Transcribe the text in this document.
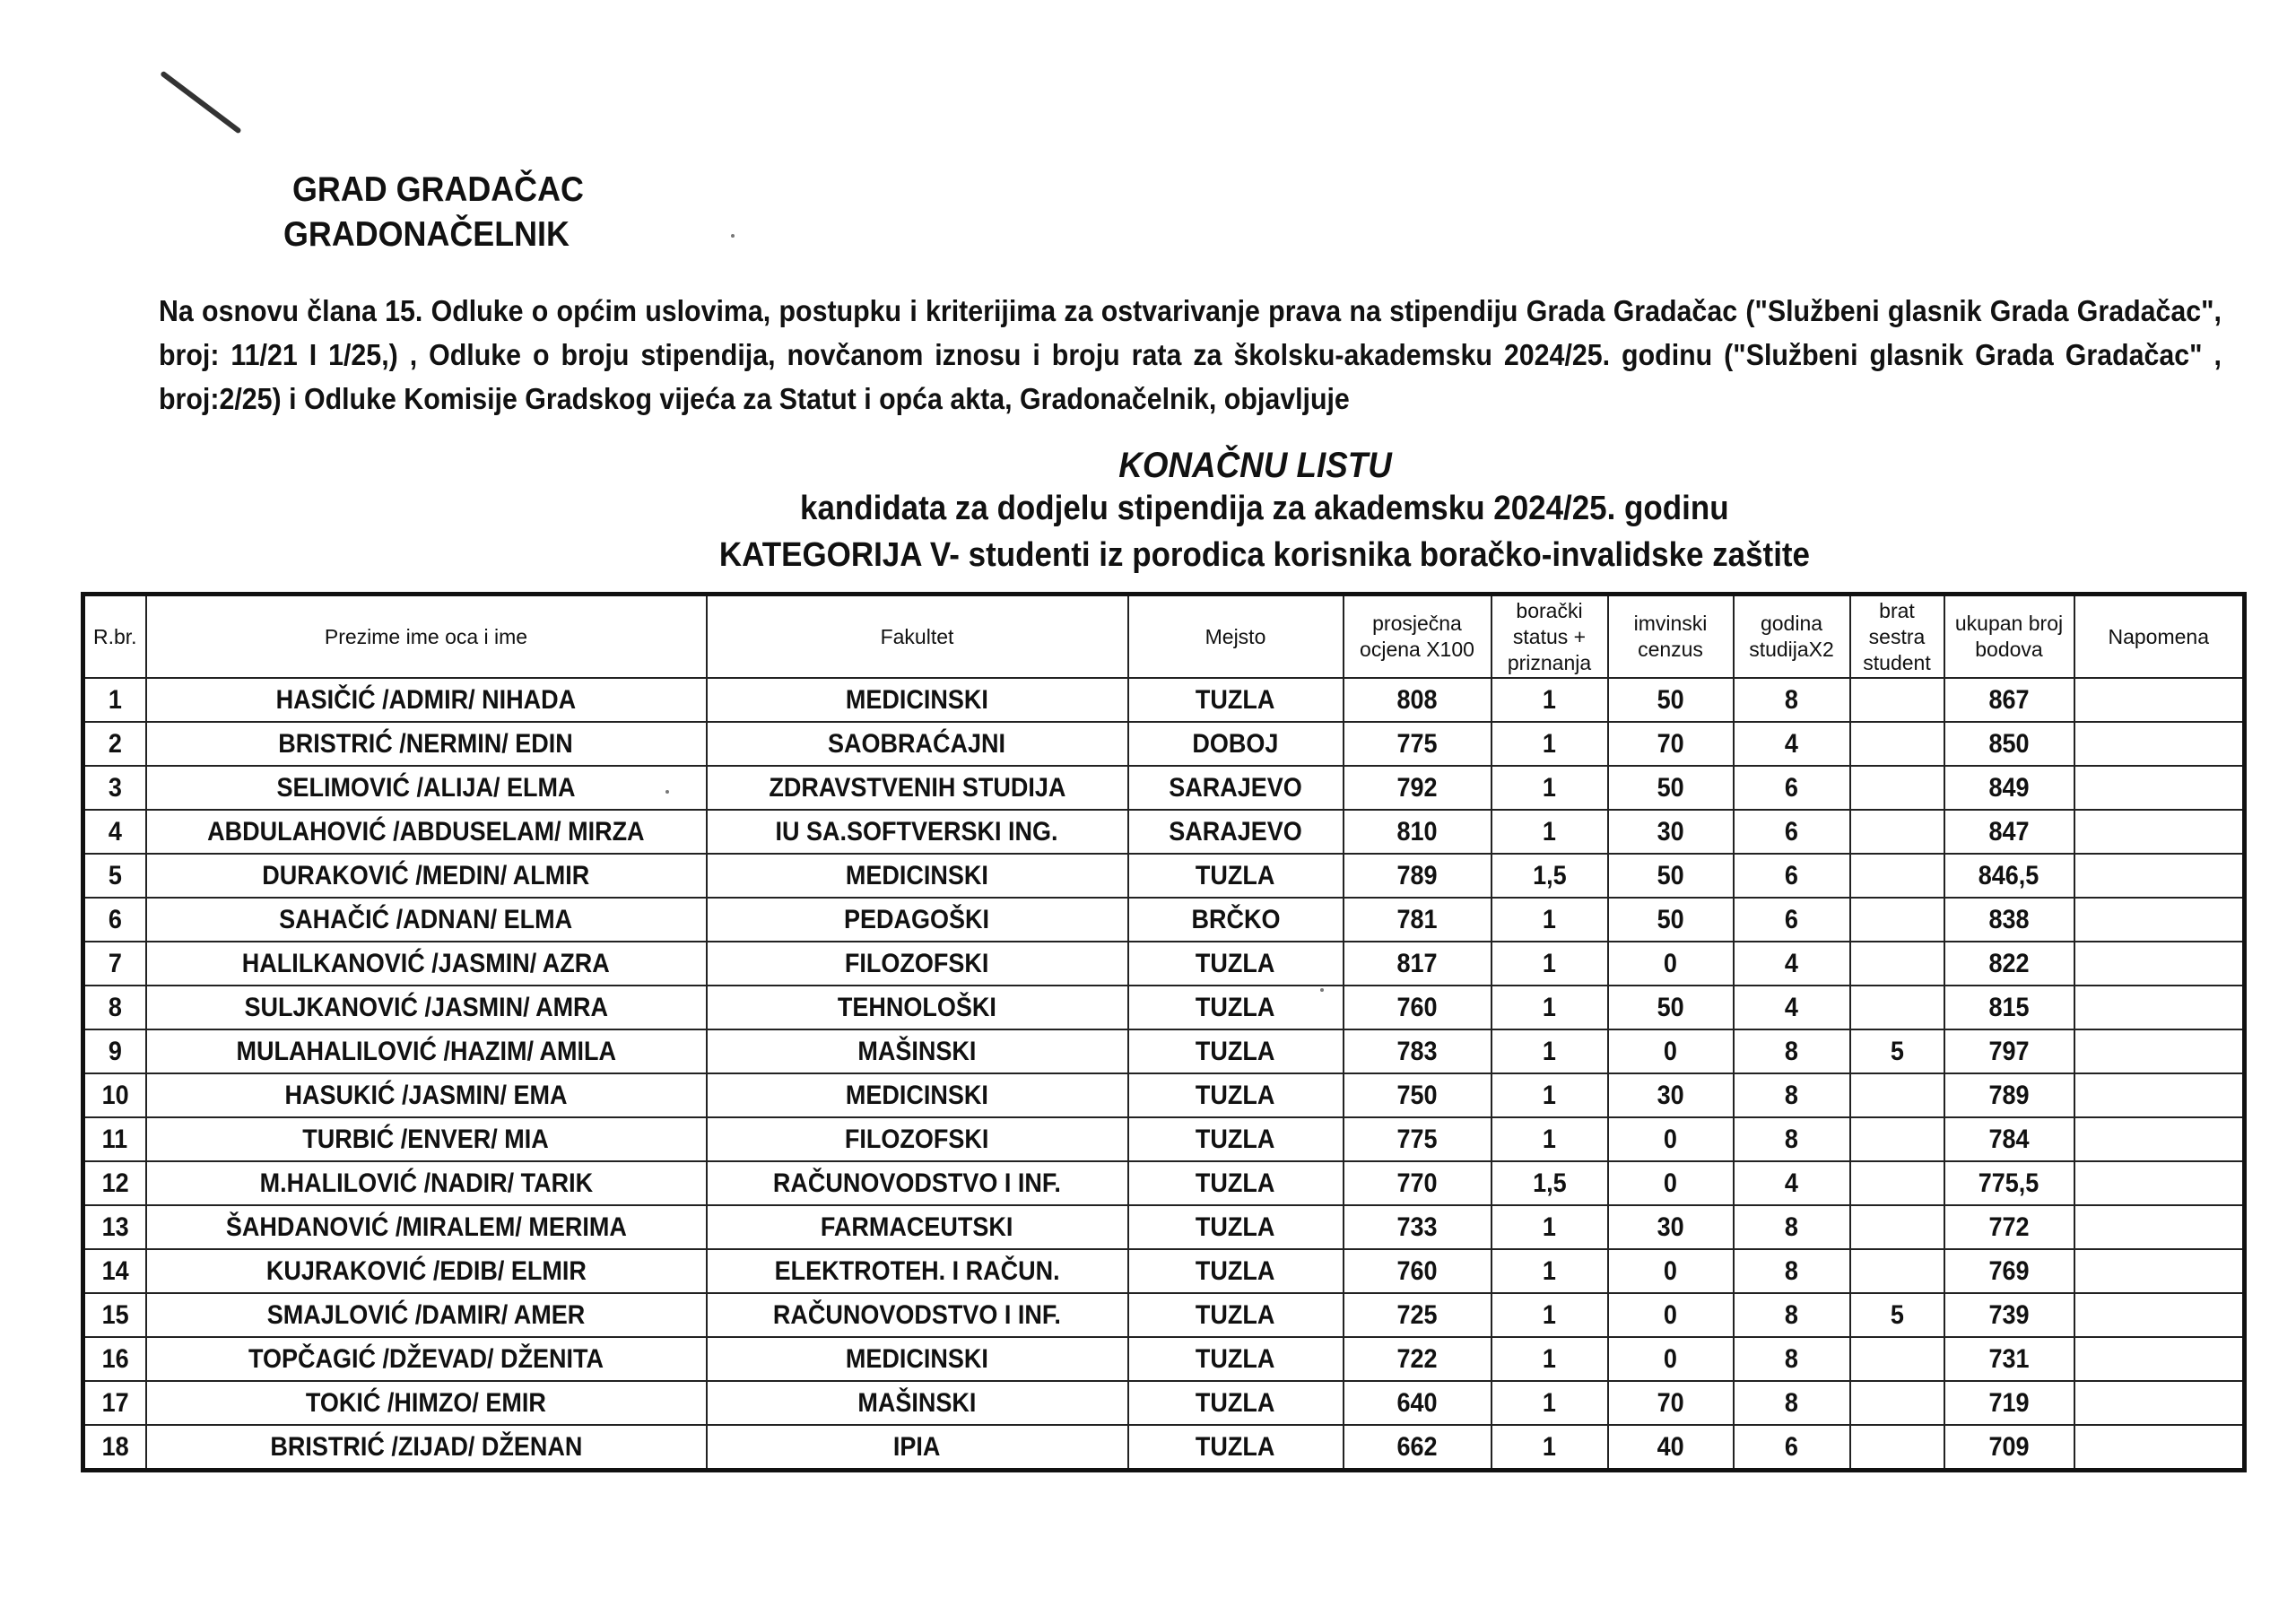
GRAD GRADAČAC
GRADONAČELNIK
Na osnovu člana 15. Odluke o općim uslovima, postupku i kriterijima za ostvarivanje prava na stipendiju Grada Gradačac ("Službeni glasnik Grada Gradačac", broj: 11/21 I 1/25,) , Odluke o broju stipendija, novčanom iznosu i broju rata za školsku-akademsku 2024/25. godinu ("Službeni glasnik Grada Gradačac" , broj:2/25) i Odluke Komisije Gradskog vijeća za Statut i opća akta, Gradonačelnik, objavljuje
KONAČNU LISTU
kandidata za dodjelu stipendija za akademsku 2024/25. godinu
KATEGORIJA V- studenti iz porodica korisnika boračko-invalidske zaštite
R.br.	Prezime ime oca i ime	Fakultet	Mejsto	prosječna ocjena X100	borački status + priznanja	imvinski cenzus	godina studijaX2	brat sestra student	ukupan broj bodova	Napomena
1	HASIČIĆ /ADMIR/ NIHADA	MEDICINSKI	TUZLA	808	1	50	8		867	
2	BRISTRIĆ /NERMIN/ EDIN	SAOBRAĆAJNI	DOBOJ	775	1	70	4		850	
3	SELIMOVIĆ /ALIJA/ ELMA	ZDRAVSTVENIH STUDIJA	SARAJEVO	792	1	50	6		849	
4	ABDULAHOVIĆ /ABDUSELAM/ MIRZA	IU SA.SOFTVERSKI ING.	SARAJEVO	810	1	30	6		847	
5	DURAKOVIĆ /MEDIN/ ALMIR	MEDICINSKI	TUZLA	789	1,5	50	6		846,5	
6	SAHAČIĆ /ADNAN/ ELMA	PEDAGOŠKI	BRČKO	781	1	50	6		838	
7	HALILKANOVIĆ /JASMIN/ AZRA	FILOZOFSKI	TUZLA	817	1	0	4		822	
8	SULJKANOVIĆ /JASMIN/ AMRA	TEHNOLOŠKI	TUZLA	760	1	50	4		815	
9	MULAHALILOVIĆ /HAZIM/ AMILA	MAŠINSKI	TUZLA	783	1	0	8	5	797	
10	HASUKIĆ /JASMIN/ EMA	MEDICINSKI	TUZLA	750	1	30	8		789	
11	TURBIĆ /ENVER/ MIA	FILOZOFSKI	TUZLA	775	1	0	8		784	
12	M.HALILOVIĆ /NADIR/ TARIK	RAČUNOVODSTVO I INF.	TUZLA	770	1,5	0	4		775,5	
13	ŠAHDANOVIĆ /MIRALEM/ MERIMA	FARMACEUTSKI	TUZLA	733	1	30	8		772	
14	KUJRAKOVIĆ /EDIB/ ELMIR	ELEKTROTEH. I RAČUN.	TUZLA	760	1	0	8		769	
15	SMAJLOVIĆ /DAMIR/ AMER	RAČUNOVODSTVO I INF.	TUZLA	725	1	0	8	5	739	
16	TOPČAGIĆ /DŽEVAD/ DŽENITA	MEDICINSKI	TUZLA	722	1	0	8		731	
17	TOKIĆ /HIMZO/ EMIR	MAŠINSKI	TUZLA	640	1	70	8		719	
18	BRISTRIĆ /ZIJAD/ DŽENAN	IPIA	TUZLA	662	1	40	6		709	
